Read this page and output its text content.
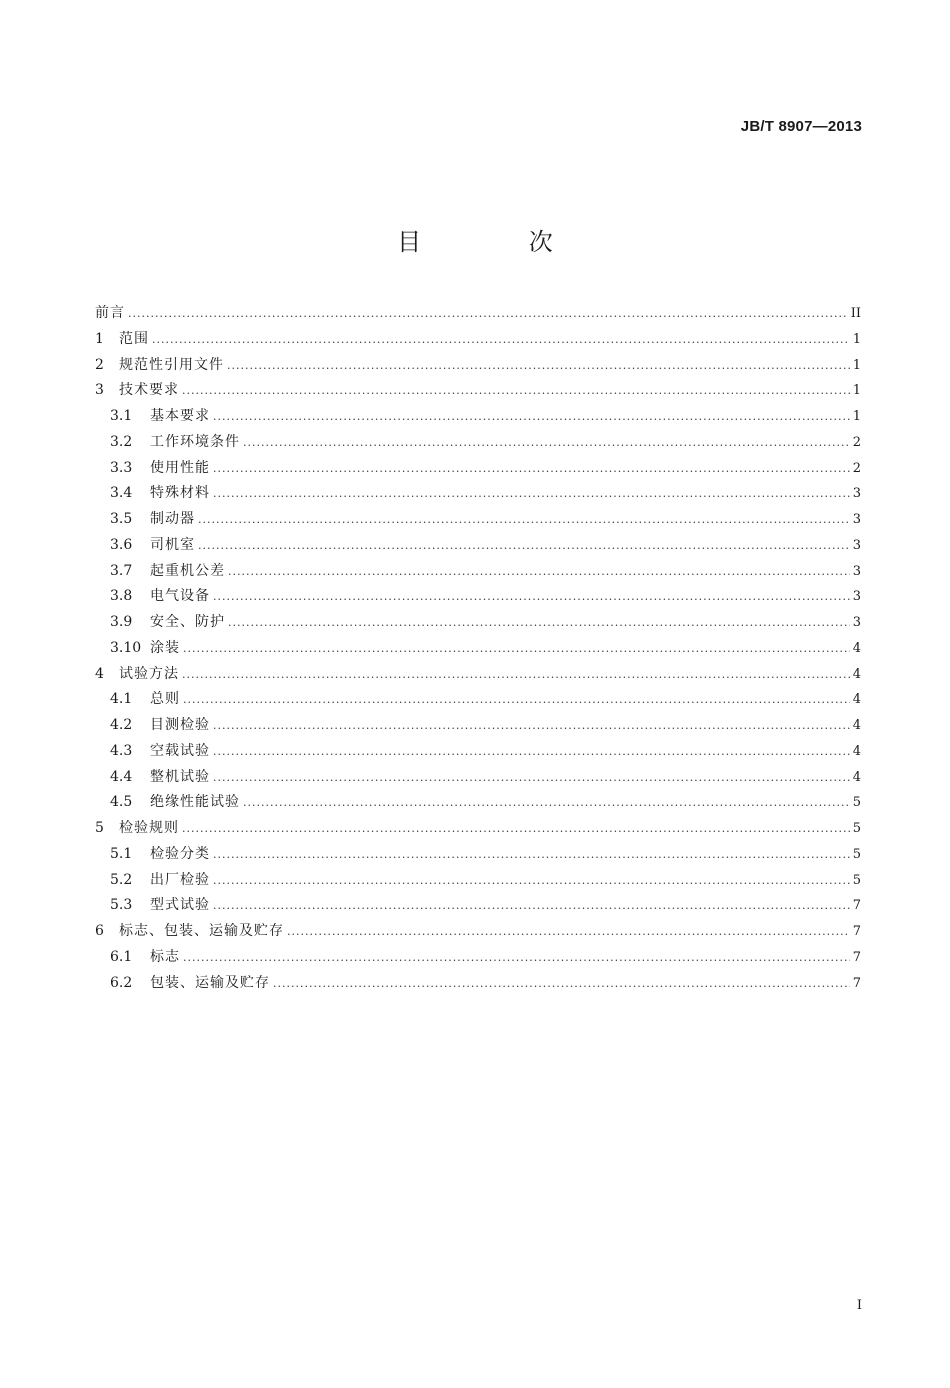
JB/T 8907—2013
目 次
前言 .....	II
1	范围 .....	1
2	规范性引用文件 .....	1
3	技术要求 .....	1
3.1	基本要求 .....	1
3.2	工作环境条件 .....	2
3.3	使用性能 .....	2
3.4	特殊材料 .....	3
3.5	制动器 .....	3
3.6	司机室 .....	3
3.7	起重机公差 .....	3
3.8	电气设备 .....	3
3.9	安全、防护 .....	3
3.10 涂装 .....	4
4	试验方法 .....	4
4.1	总则 .....	4
4.2	目测检验 .....	4
4.3	空载试验 .....	4
4.4	整机试验 .....	4
4.5	绝缘性能试验 .....	5
5	检验规则 .....	5
5.1	检验分类 .....	5
5.2	出厂检验 .....	5
5.3	型式试验 .....	7
6	标志、包装、运输及贮存 .....	7
6.1	标志 .....	7
6.2	包装、运输及贮存 .....	7
I
